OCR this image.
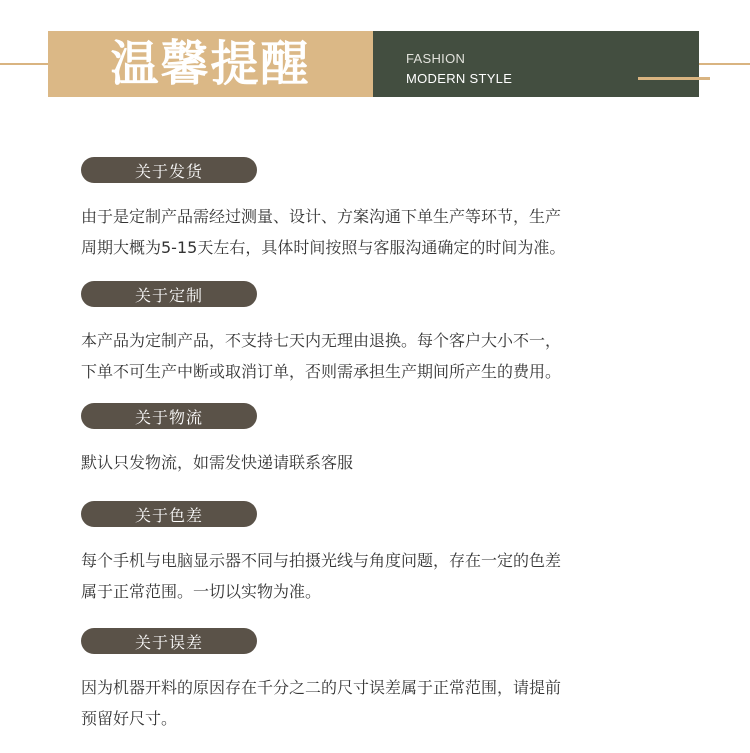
温馨提醒	FASHION
MODERN STYLE
关于发货
由于是定制产品需经过测量、设计、方案沟通下单生产等环节，生产
周期大概为5-15天左右，具体时间按照与客服沟通确定的时间为准。
关于定制
本产品为定制产品，不支持七天内无理由退换。每个客户大小不一，
下单不可生产中断或取消订单，否则需承担生产期间所产生的费用。
关于物流
默认只发物流，如需发快递请联系客服
关于色差
每个手机与电脑显示器不同与拍摄光线与角度问题，存在一定的色差
属于正常范围。一切以实物为准。
关于误差
因为机器开料的原因存在千分之二的尺寸误差属于正常范围，请提前
预留好尺寸。
